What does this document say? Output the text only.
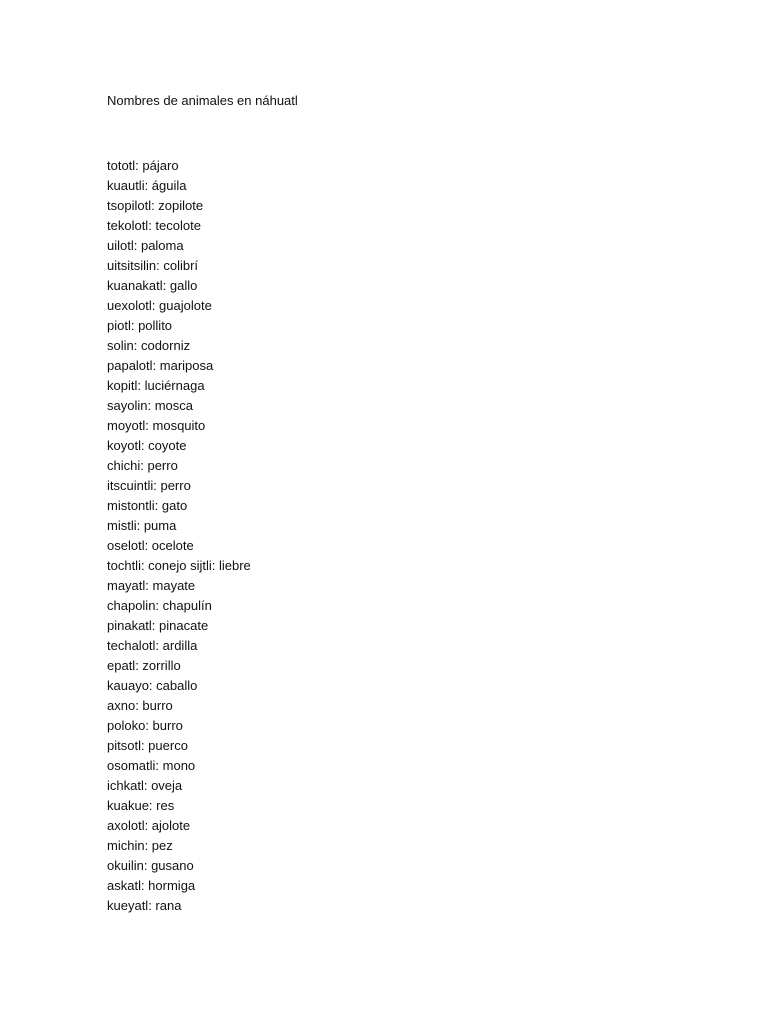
Nombres de animales en náhuatl
tototl: pájaro
kuautli: águila
tsopilotl: zopilote
tekolotl: tecolote
uilotl: paloma
uitsitsilin: colibrí
kuanakatl: gallo
uexolotl: guajolote
piotl: pollito
solin: codorniz
papalotl: mariposa
kopitl: luciérnaga
sayolin: mosca
moyotl: mosquito
koyotl: coyote
chichi: perro
itscuintli: perro
mistontli: gato
mistli: puma
oselotl: ocelote
tochtli: conejo sijtli: liebre
mayatl: mayate
chapolin: chapulín
pinakatl: pinacate
techalotl: ardilla
epatl: zorrillo
kauayo: caballo
axno: burro
poloko: burro
pitsotl: puerco
osomatli: mono
ichkatl: oveja
kuakue: res
axolotl: ajolote
michin: pez
okuilin: gusano
askatl: hormiga
kueyatl: rana
